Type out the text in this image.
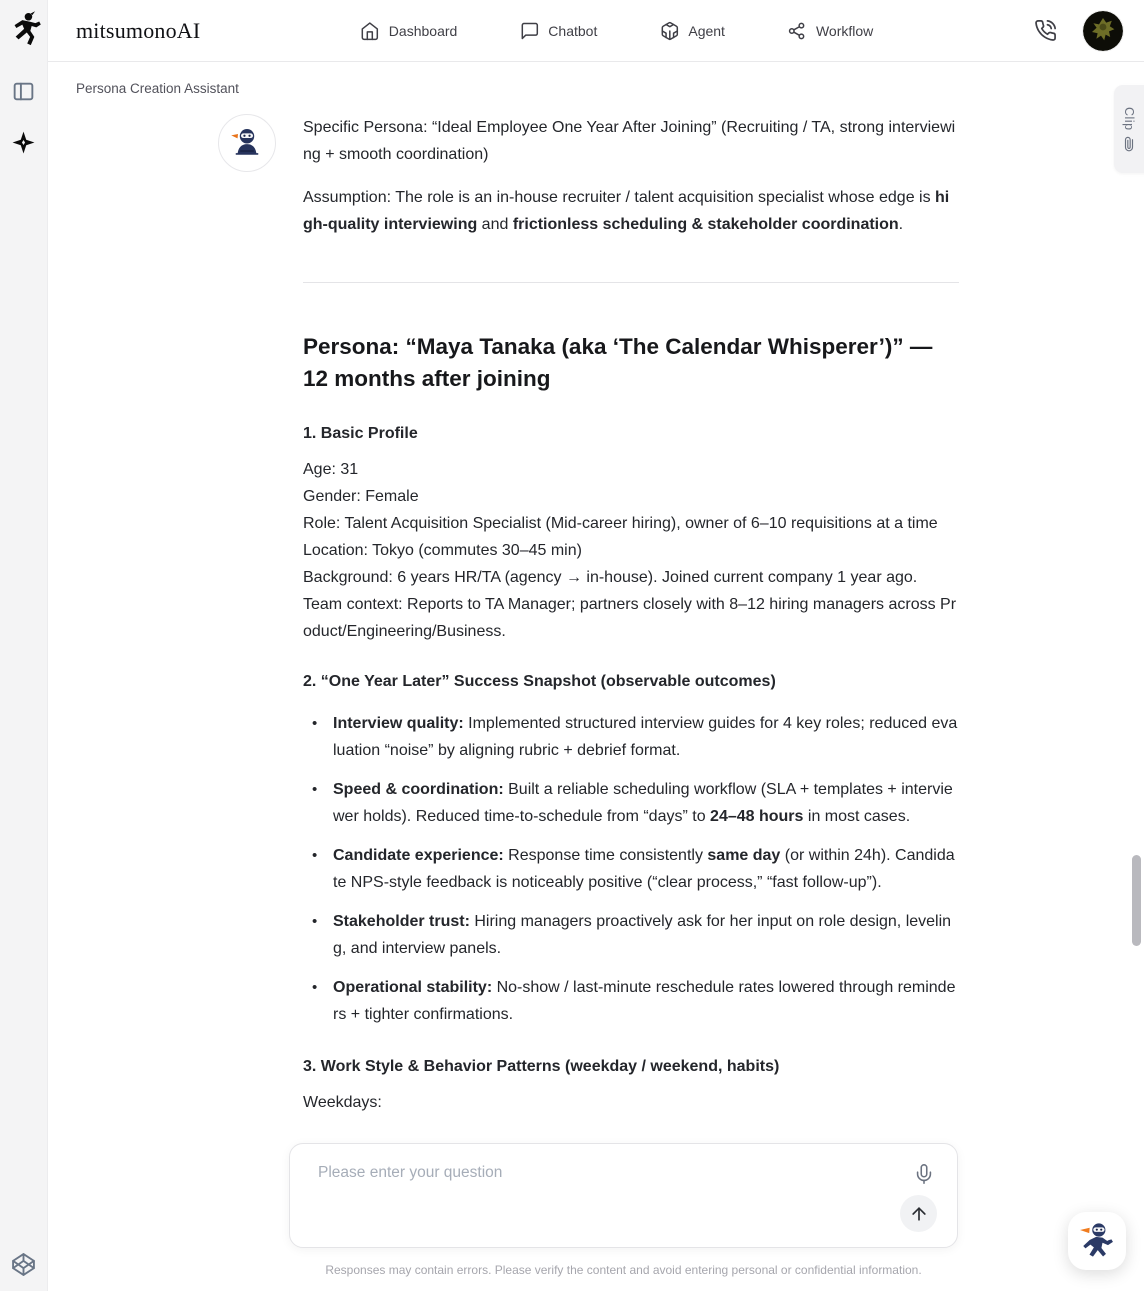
mitsumonoAI	Dashboard	Chatbot	Agent	Workflow
Persona Creation Assistant

Specific Persona: “Ideal Employee One Year After Joining” (Recruiting / TA, strong interviewing + smooth coordination)

Assumption: The role is an in-house recruiter / talent acquisition specialist whose edge is high-quality interviewing and frictionless scheduling & stakeholder coordination.

Persona: “Maya Tanaka (aka ‘The Calendar Whisperer’)” — 12 months after joining
1. Basic Profile
Age: 31
Gender: Female
Role: Talent Acquisition Specialist (Mid-career hiring), owner of 6–10 requisitions at a time
Location: Tokyo (commutes 30–45 min)
Background: 6 years HR/TA (agency → in-house). Joined current company 1 year ago.
Team context: Reports to TA Manager; partners closely with 8–12 hiring managers across Product/Engineering/Business.
2. “One Year Later” Success Snapshot (observable outcomes)
• Interview quality: Implemented structured interview guides for 4 key roles; reduced evaluation “noise” by aligning rubric + debrief format.
• Speed & coordination: Built a reliable scheduling workflow (SLA + templates + interviewer holds). Reduced time-to-schedule from “days” to 24–48 hours in most cases.
• Candidate experience: Response time consistently same day (or within 24h). Candidate NPS-style feedback is noticeably positive (“clear process,” “fast follow-up”).
• Stakeholder trust: Hiring managers proactively ask for her input on role design, leveling, and interview panels.
• Operational stability: No-show / last-minute reschedule rates lowered through reminders + tighter confirmations.
3. Work Style & Behavior Patterns (weekday / weekend, habits)
Weekdays:
Please enter your question
Responses may contain errors. Please verify the content and avoid entering personal or confidential information.
Clip
